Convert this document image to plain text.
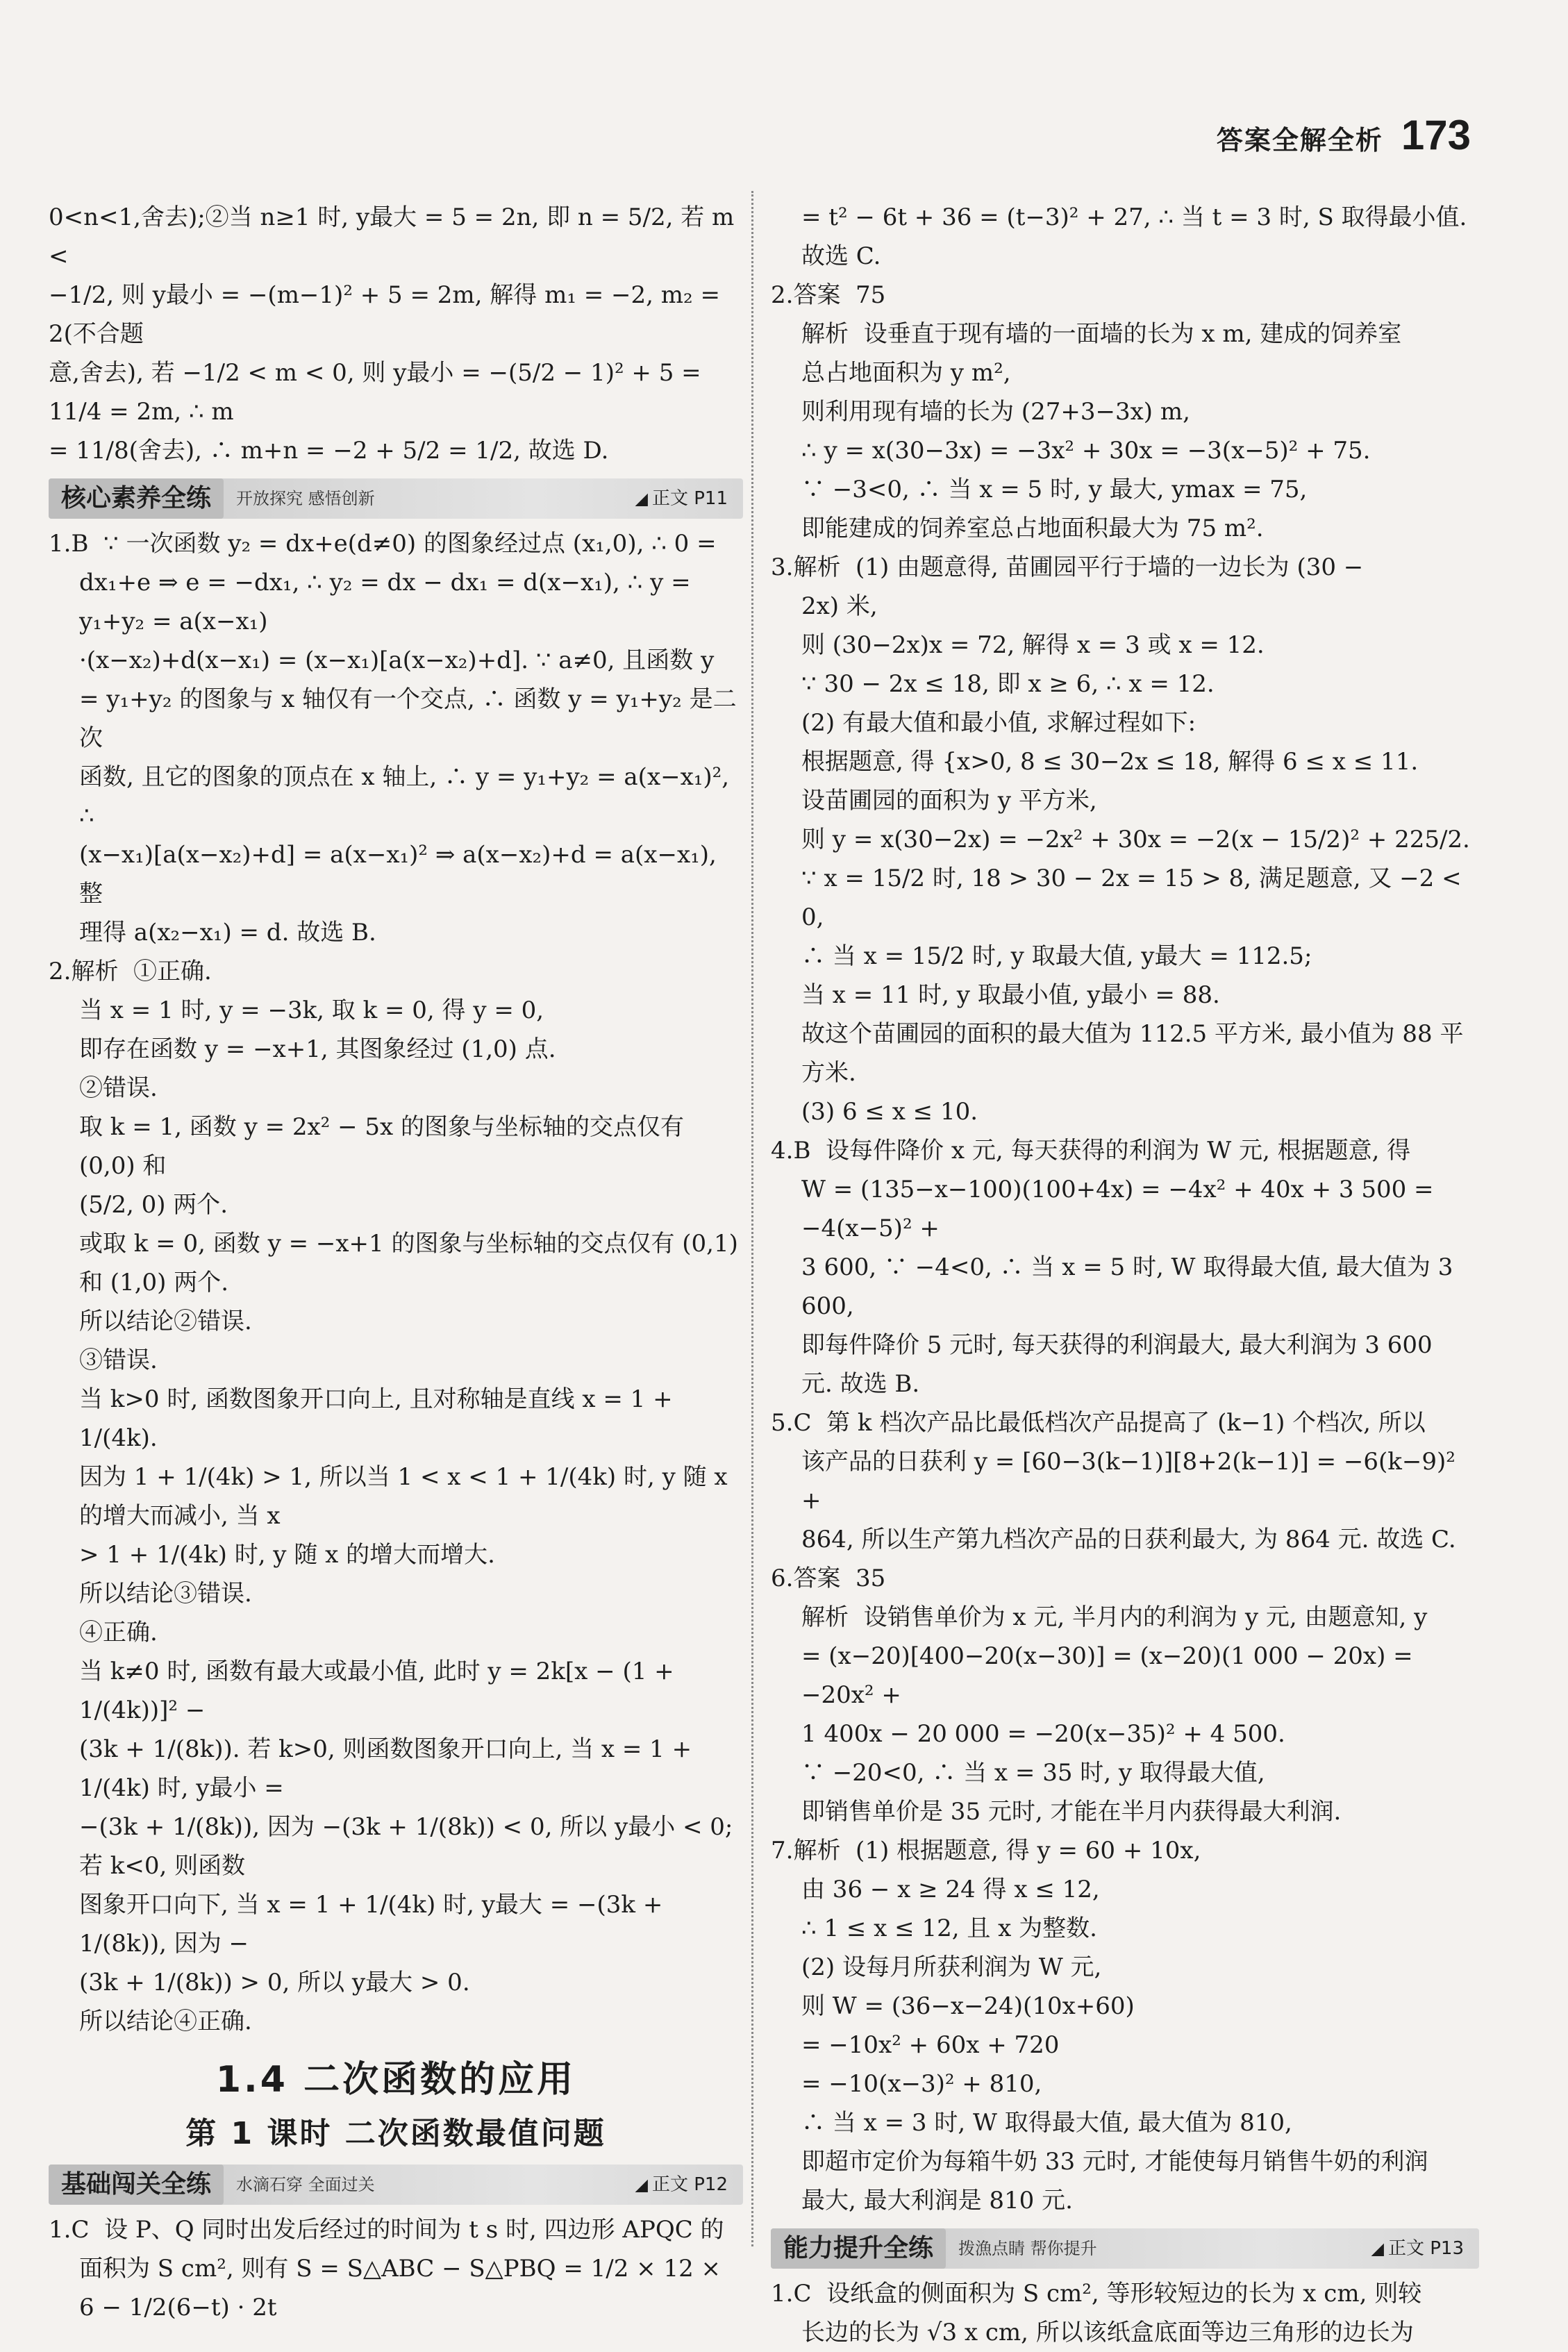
答案全解全析 173

0<n<1,舍去);②当 n≥1 时, y最大 = 5 = 2n, 即 n = 5/2, 若 m <

−1/2, 则 y最小 = −(m−1)² + 5 = 2m, 解得 m₁ = −2, m₂ = 2(不合题

意,舍去), 若 −1/2 < m < 0, 则 y最小 = −(5/2 − 1)² + 5 = 11/4 = 2m, ∴ m

= 11/8(舍去), ∴ m+n = −2 + 5/2 = 1/2, 故选 D.

核心素养全练	开放探究 感悟创新	◢ 正文 P11

1.B  ∵ 一次函数 y₂ = dx+e(d≠0) 的图象经过点 (x₁,0), ∴ 0 =

dx₁+e ⇒ e = −dx₁, ∴ y₂ = dx − dx₁ = d(x−x₁), ∴ y = y₁+y₂ = a(x−x₁)

·(x−x₂)+d(x−x₁) = (x−x₁)[a(x−x₂)+d]. ∵ a≠0, 且函数 y

= y₁+y₂ 的图象与 x 轴仅有一个交点, ∴ 函数 y = y₁+y₂ 是二次

函数, 且它的图象的顶点在 x 轴上, ∴ y = y₁+y₂ = a(x−x₁)², ∴

(x−x₁)[a(x−x₂)+d] = a(x−x₁)² ⇒ a(x−x₂)+d = a(x−x₁), 整

理得 a(x₂−x₁) = d. 故选 B.

2.解析  ①正确.

当 x = 1 时, y = −3k, 取 k = 0, 得 y = 0,

即存在函数 y = −x+1, 其图象经过 (1,0) 点.

②错误.

取 k = 1, 函数 y = 2x² − 5x 的图象与坐标轴的交点仅有 (0,0) 和

(5/2, 0) 两个.

或取 k = 0, 函数 y = −x+1 的图象与坐标轴的交点仅有 (0,1)

和 (1,0) 两个.

所以结论②错误.

③错误.

当 k>0 时, 函数图象开口向上, 且对称轴是直线 x = 1 + 1/(4k).

因为 1 + 1/(4k) > 1, 所以当 1 < x < 1 + 1/(4k) 时, y 随 x 的增大而减小, 当 x

> 1 + 1/(4k) 时, y 随 x 的增大而增大.

所以结论③错误.

④正确.

当 k≠0 时, 函数有最大或最小值, 此时 y = 2k[x − (1 + 1/(4k))]² −

(3k + 1/(8k)). 若 k>0, 则函数图象开口向上, 当 x = 1 + 1/(4k) 时, y最小 =

−(3k + 1/(8k)), 因为 −(3k + 1/(8k)) < 0, 所以 y最小 < 0; 若 k<0, 则函数

图象开口向下, 当 x = 1 + 1/(4k) 时, y最大 = −(3k + 1/(8k)), 因为 −

(3k + 1/(8k)) > 0, 所以 y最大 > 0.

所以结论④正确.

1.4 二次函数的应用
第 1 课时 二次函数最值问题
基础闯关全练	水滴石穿 全面过关	◢ 正文 P12

1.C  设 P、Q 同时出发后经过的时间为 t s 时, 四边形 APQC 的

面积为 S cm², 则有 S = S△ABC − S△PBQ = 1/2 × 12 × 6 − 1/2(6−t) · 2t

= t² − 6t + 36 = (t−3)² + 27, ∴ 当 t = 3 时, S 取得最小值. 故选 C.

2.答案  75

解析  设垂直于现有墙的一面墙的长为 x m, 建成的饲养室

总占地面积为 y m²,

则利用现有墙的长为 (27+3−3x) m,

∴ y = x(30−3x) = −3x² + 30x = −3(x−5)² + 75.

∵ −3<0, ∴ 当 x = 5 时, y 最大, ymax = 75,

即能建成的饲养室总占地面积最大为 75 m².

3.解析  (1) 由题意得, 苗圃园平行于墙的一边长为 (30 −

2x) 米,

则 (30−2x)x = 72, 解得 x = 3 或 x = 12.

∵ 30 − 2x ≤ 18, 即 x ≥ 6, ∴ x = 12.

(2) 有最大值和最小值, 求解过程如下:

根据题意, 得 {x>0, 8 ≤ 30−2x ≤ 18, 解得 6 ≤ x ≤ 11.

设苗圃园的面积为 y 平方米,

则 y = x(30−2x) = −2x² + 30x = −2(x − 15/2)² + 225/2.

∵ x = 15/2 时, 18 > 30 − 2x = 15 > 8, 满足题意, 又 −2 < 0,

∴ 当 x = 15/2 时, y 取最大值, y最大 = 112.5;

当 x = 11 时, y 取最小值, y最小 = 88.

故这个苗圃园的面积的最大值为 112.5 平方米, 最小值为 88 平

方米.

(3) 6 ≤ x ≤ 10.

4.B  设每件降价 x 元, 每天获得的利润为 W 元, 根据题意, 得

W = (135−x−100)(100+4x) = −4x² + 40x + 3 500 = −4(x−5)² +

3 600, ∵ −4<0, ∴ 当 x = 5 时, W 取得最大值, 最大值为 3 600,

即每件降价 5 元时, 每天获得的利润最大, 最大利润为 3 600

元. 故选 B.

5.C  第 k 档次产品比最低档次产品提高了 (k−1) 个档次, 所以

该产品的日获利 y = [60−3(k−1)][8+2(k−1)] = −6(k−9)² +

864, 所以生产第九档次产品的日获利最大, 为 864 元. 故选 C.

6.答案  35

解析  设销售单价为 x 元, 半月内的利润为 y 元, 由题意知, y

= (x−20)[400−20(x−30)] = (x−20)(1 000 − 20x) = −20x² +

1 400x − 20 000 = −20(x−35)² + 4 500.

∵ −20<0, ∴ 当 x = 35 时, y 取得最大值,

即销售单价是 35 元时, 才能在半月内获得最大利润.

7.解析  (1) 根据题意, 得 y = 60 + 10x,

由 36 − x ≥ 24 得 x ≤ 12,

∴ 1 ≤ x ≤ 12, 且 x 为整数.

(2) 设每月所获利润为 W 元,

则 W = (36−x−24)(10x+60)

= −10x² + 60x + 720

= −10(x−3)² + 810,

∴ 当 x = 3 时, W 取得最大值, 最大值为 810,

即超市定价为每箱牛奶 33 元时, 才能使每月销售牛奶的利润

最大, 最大利润是 810 元.

能力提升全练	拨漁点睛 帮你提升	◢ 正文 P13

1.C  设纸盒的侧面积为 S cm², 等形较短边的长为 x cm, 则较

长边的长为 √3 x cm, 所以该纸盒底面等边三角形的边长为
